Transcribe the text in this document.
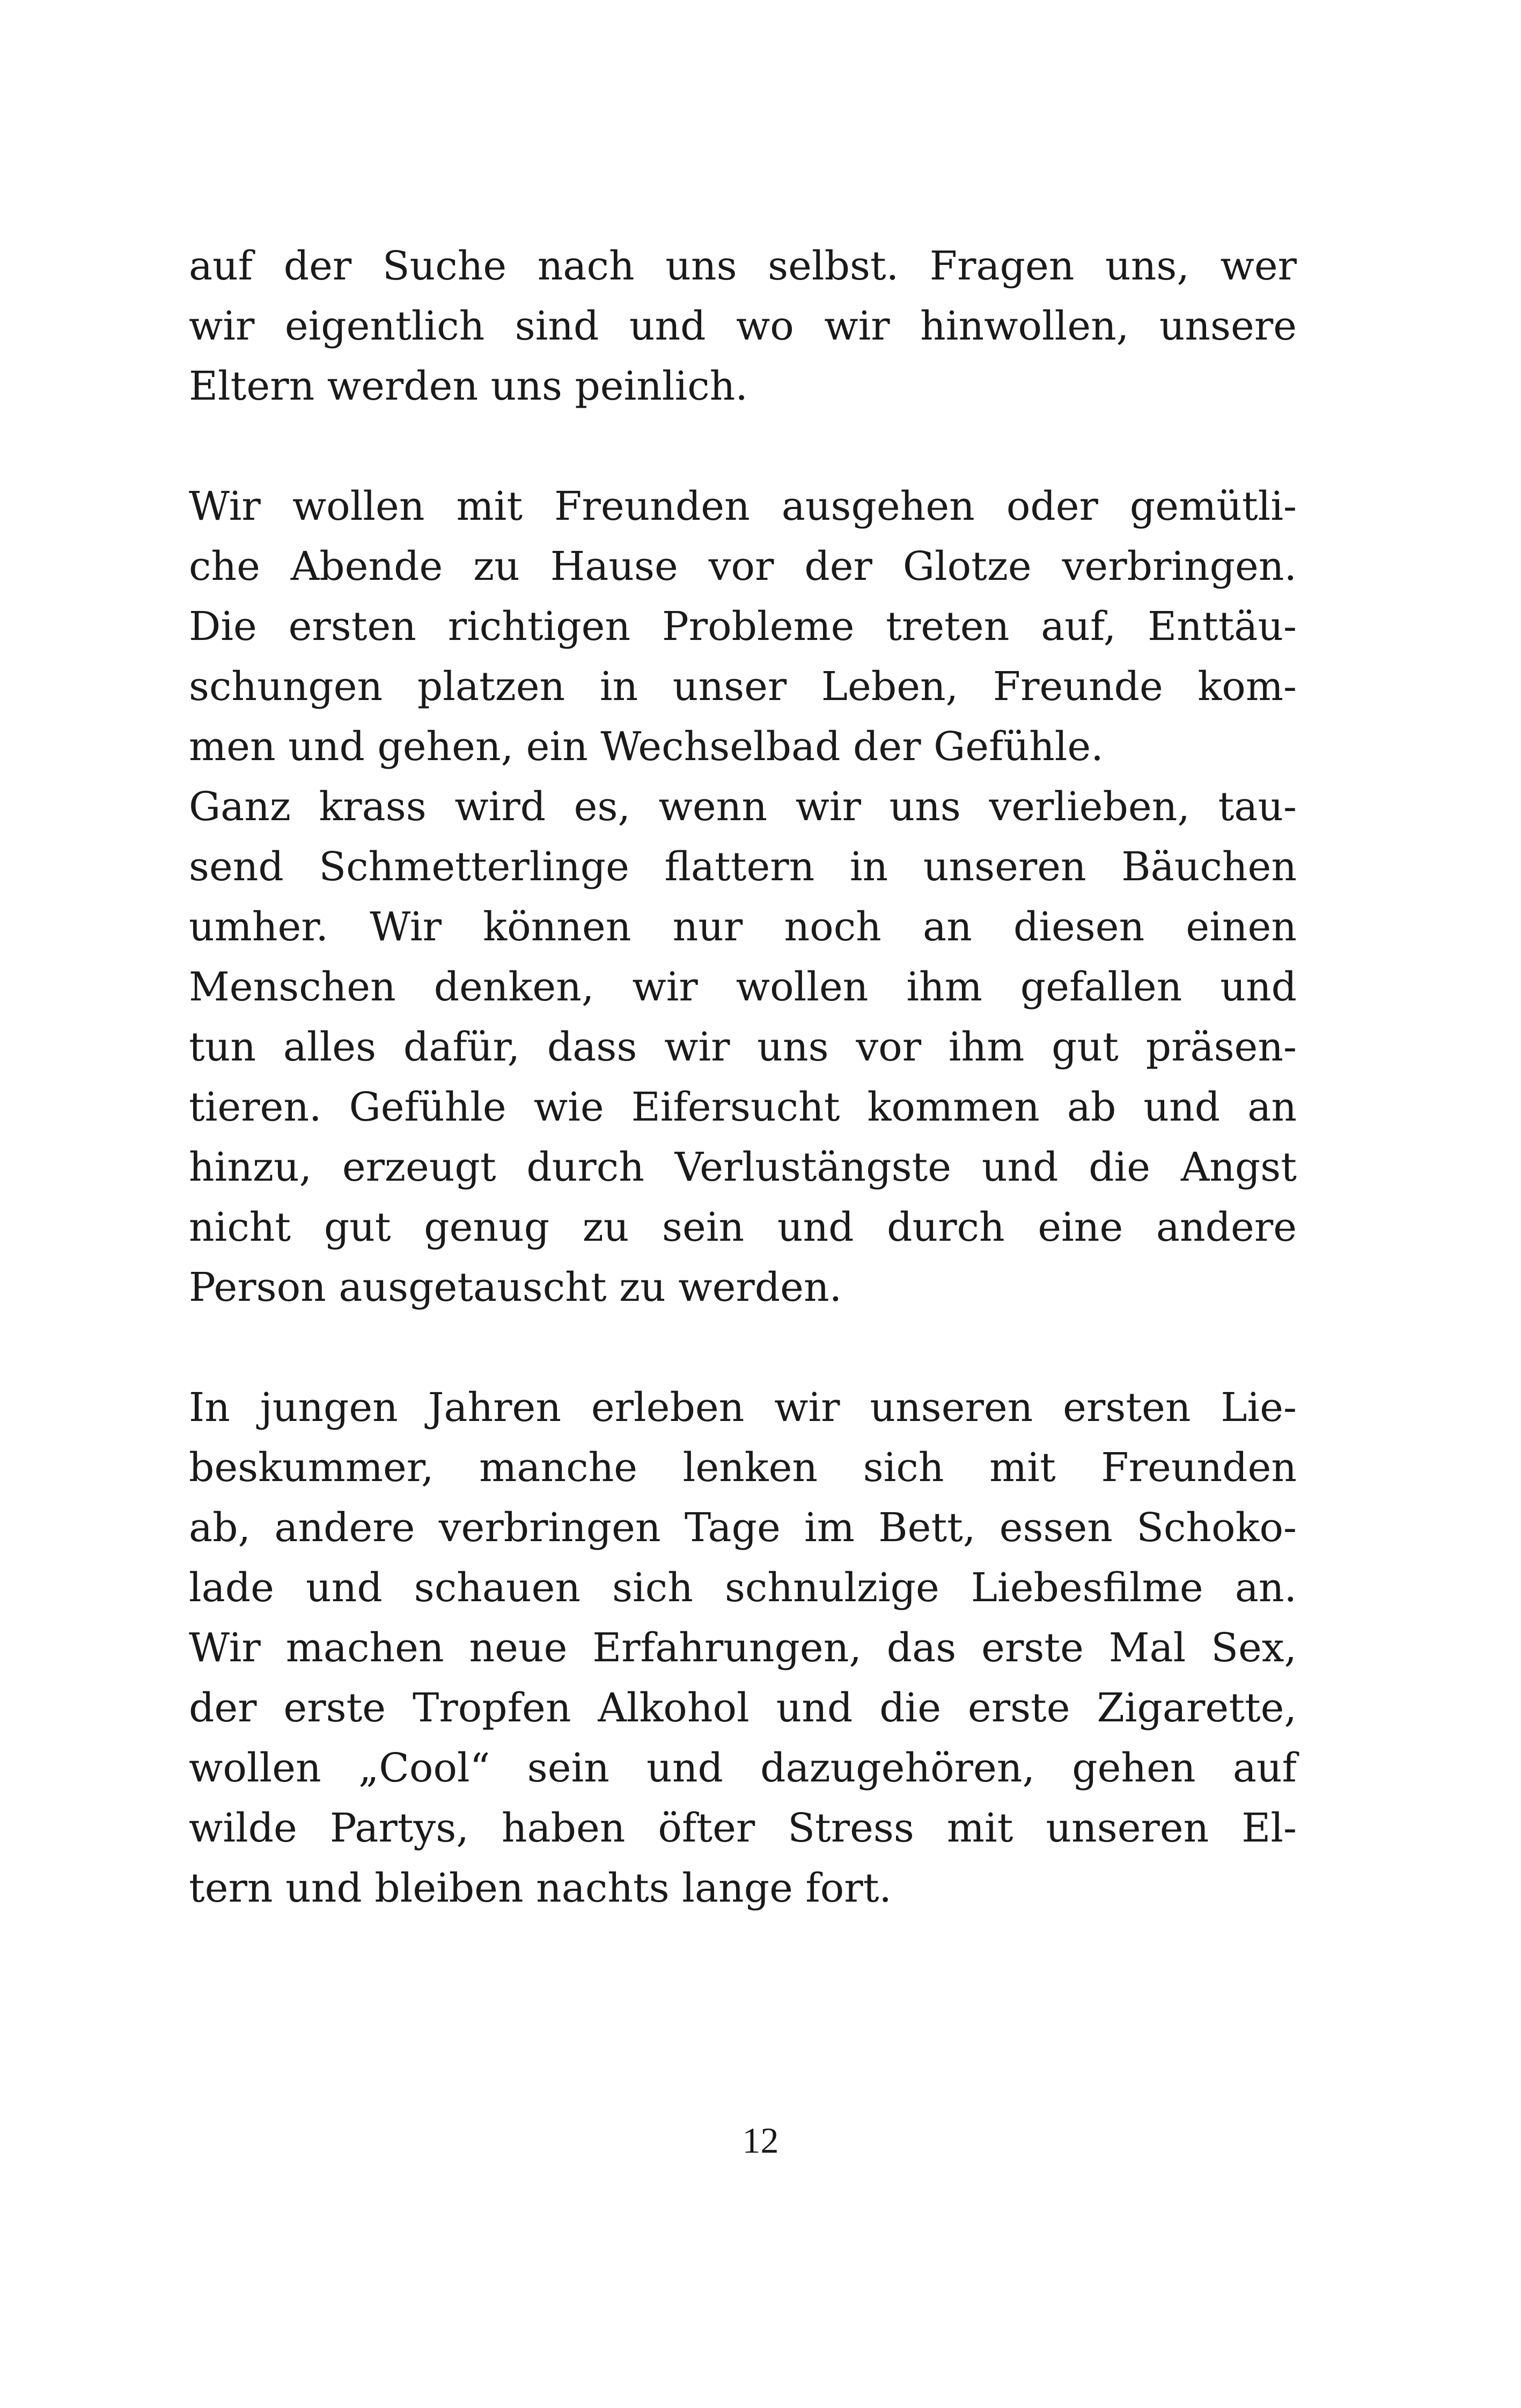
auf der Suche nach uns selbst. Fragen uns, wer
wir eigentlich sind und wo wir hinwollen, unsere
Eltern werden uns peinlich.
Wir wollen mit Freunden ausgehen oder gemütli-
che Abende zu Hause vor der Glotze verbringen.
Die ersten richtigen Probleme treten auf, Enttäu-
schungen platzen in unser Leben, Freunde kom-
men und gehen, ein Wechselbad der Gefühle.
Ganz krass wird es, wenn wir uns verlieben, tau-
send Schmetterlinge flattern in unseren Bäuchen
umher. Wir können nur noch an diesen einen
Menschen denken, wir wollen ihm gefallen und
tun alles dafür, dass wir uns vor ihm gut präsen-
tieren. Gefühle wie Eifersucht kommen ab und an
hinzu, erzeugt durch Verlustängste und die Angst
nicht gut genug zu sein und durch eine andere
Person ausgetauscht zu werden.
In jungen Jahren erleben wir unseren ersten Lie-
beskummer, manche lenken sich mit Freunden
ab, andere verbringen Tage im Bett, essen Schoko-
lade und schauen sich schnulzige Liebesfilme an.
Wir machen neue Erfahrungen, das erste Mal Sex,
der erste Tropfen Alkohol und die erste Zigarette,
wollen „Cool“ sein und dazugehören, gehen auf
wilde Partys, haben öfter Stress mit unseren El-
tern und bleiben nachts lange fort.
12
